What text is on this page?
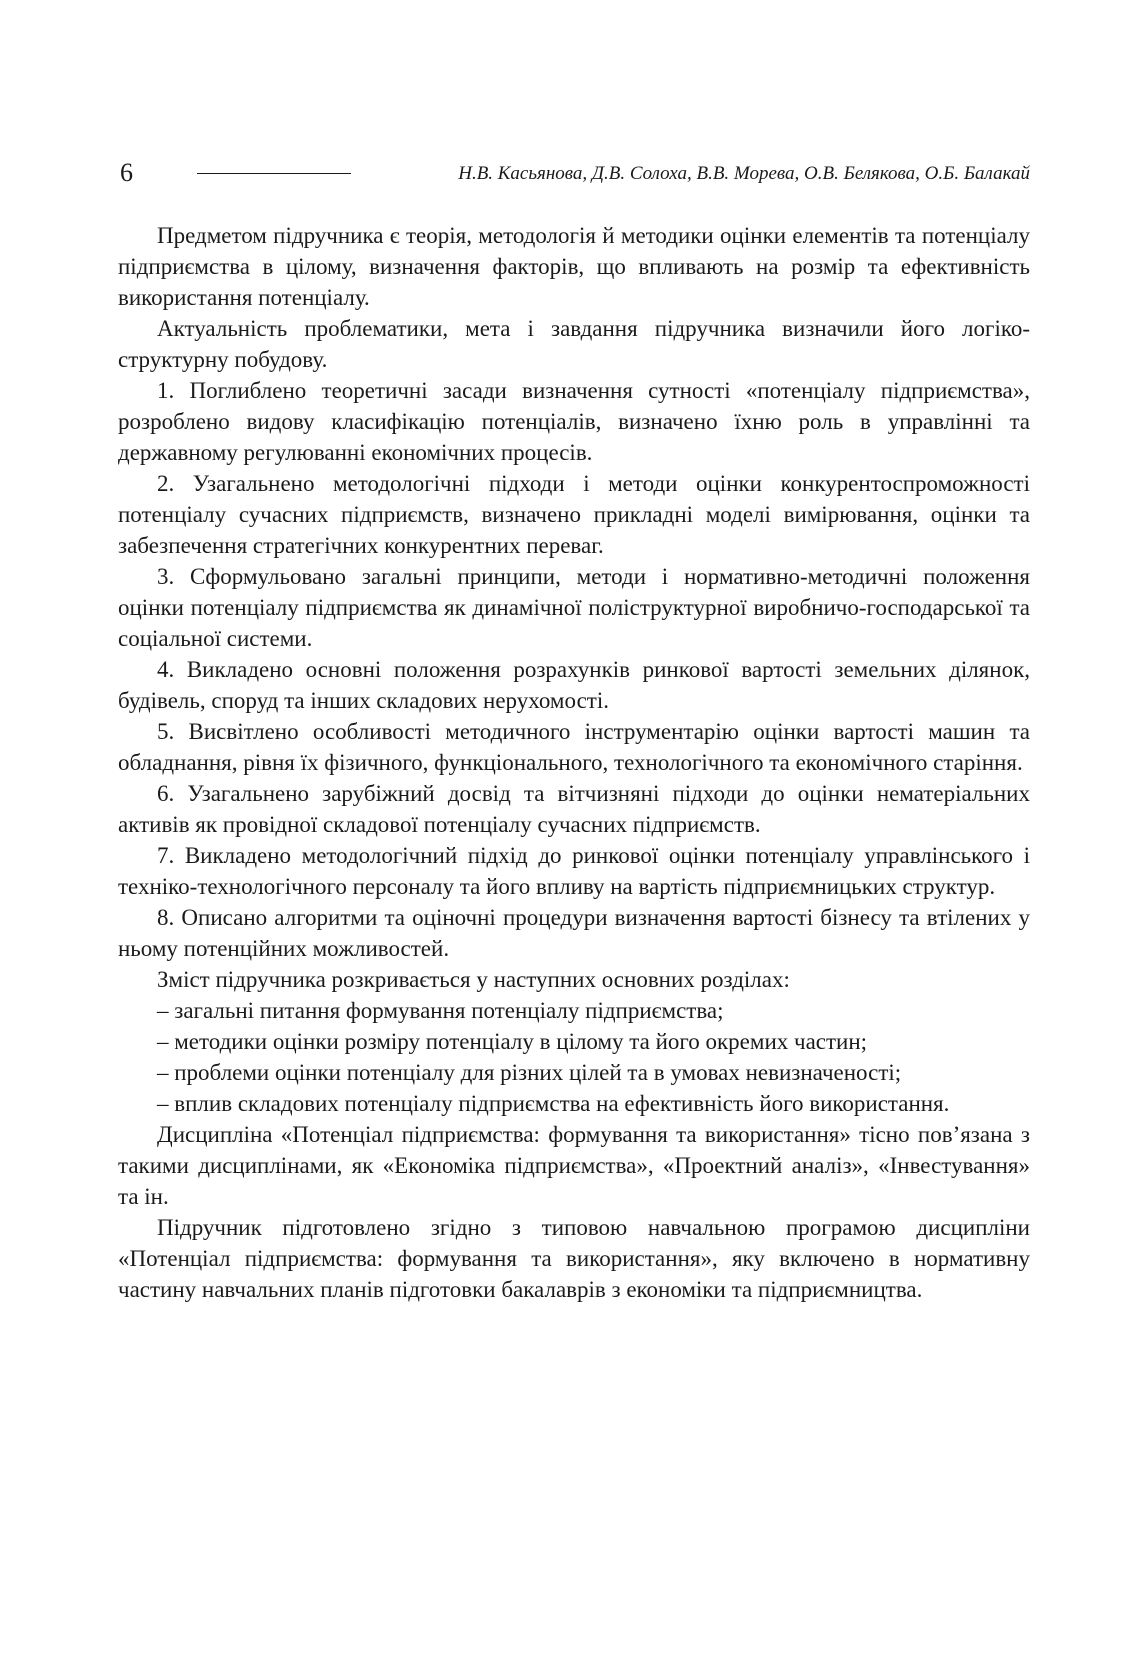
6	Н.В. Касьянова, Д.В. Солоха, В.В. Морева, О.В. Белякова, О.Б. Балакай

Предметом підручника є теорія, методологія й методики оцінки елементів та потенціалу підприємства в цілому, визначення факторів, що впливають на розмір та ефективність використання потенціалу.

Актуальність проблематики, мета і завдання підручника визначили його логіко-структурну побудову.

1. Поглиблено теоретичні засади визначення сутності «потенціалу підприємства», розроблено видову класифікацію потенціалів, визначено їхню роль в управлінні та державному регулюванні економічних процесів.

2. Узагальнено методологічні підходи і методи оцінки конкурентоспроможності потенціалу сучасних підприємств, визначено прикладні моделі вимірювання, оцінки та забезпечення стратегічних конкурентних переваг.

3. Сформульовано загальні принципи, методи і нормативно-методичні положення оцінки потенціалу підприємства як динамічної поліструктурної виробничо-господарської та соціальної системи.

4. Викладено основні положення розрахунків ринкової вартості земельних ділянок, будівель, споруд та інших складових нерухомості.

5. Висвітлено особливості методичного інструментарію оцінки вартості машин та обладнання, рівня їх фізичного, функціонального, технологічного та економічного старіння.

6. Узагальнено зарубіжний досвід та вітчизняні підходи до оцінки нематеріальних активів як провідної складової потенціалу сучасних підприємств.

7. Викладено методологічний підхід до ринкової оцінки потенціалу управлінського і техніко-технологічного персоналу та його впливу на вартість підприємницьких структур.

8. Описано алгоритми та оціночні процедури визначення вартості бізнесу та втілених у ньому потенційних можливостей.

Зміст підручника розкривається у наступних основних розділах:

– загальні питання формування потенціалу підприємства;

– методики оцінки розміру потенціалу в цілому та його окремих частин;

– проблеми оцінки потенціалу для різних цілей та в умовах невизначеності;

– вплив складових потенціалу підприємства на ефективність його використання.

Дисципліна «Потенціал підприємства: формування та використання» тісно пов’язана з такими дисциплінами, як «Економіка підприємства», «Проектний аналіз», «Інвестування» та ін.

Підручник підготовлено згідно з типовою навчальною програмою дисципліни «Потенціал підприємства: формування та використання», яку включено в нормативну частину навчальних планів підготовки бакалаврів з економіки та підприємництва.
